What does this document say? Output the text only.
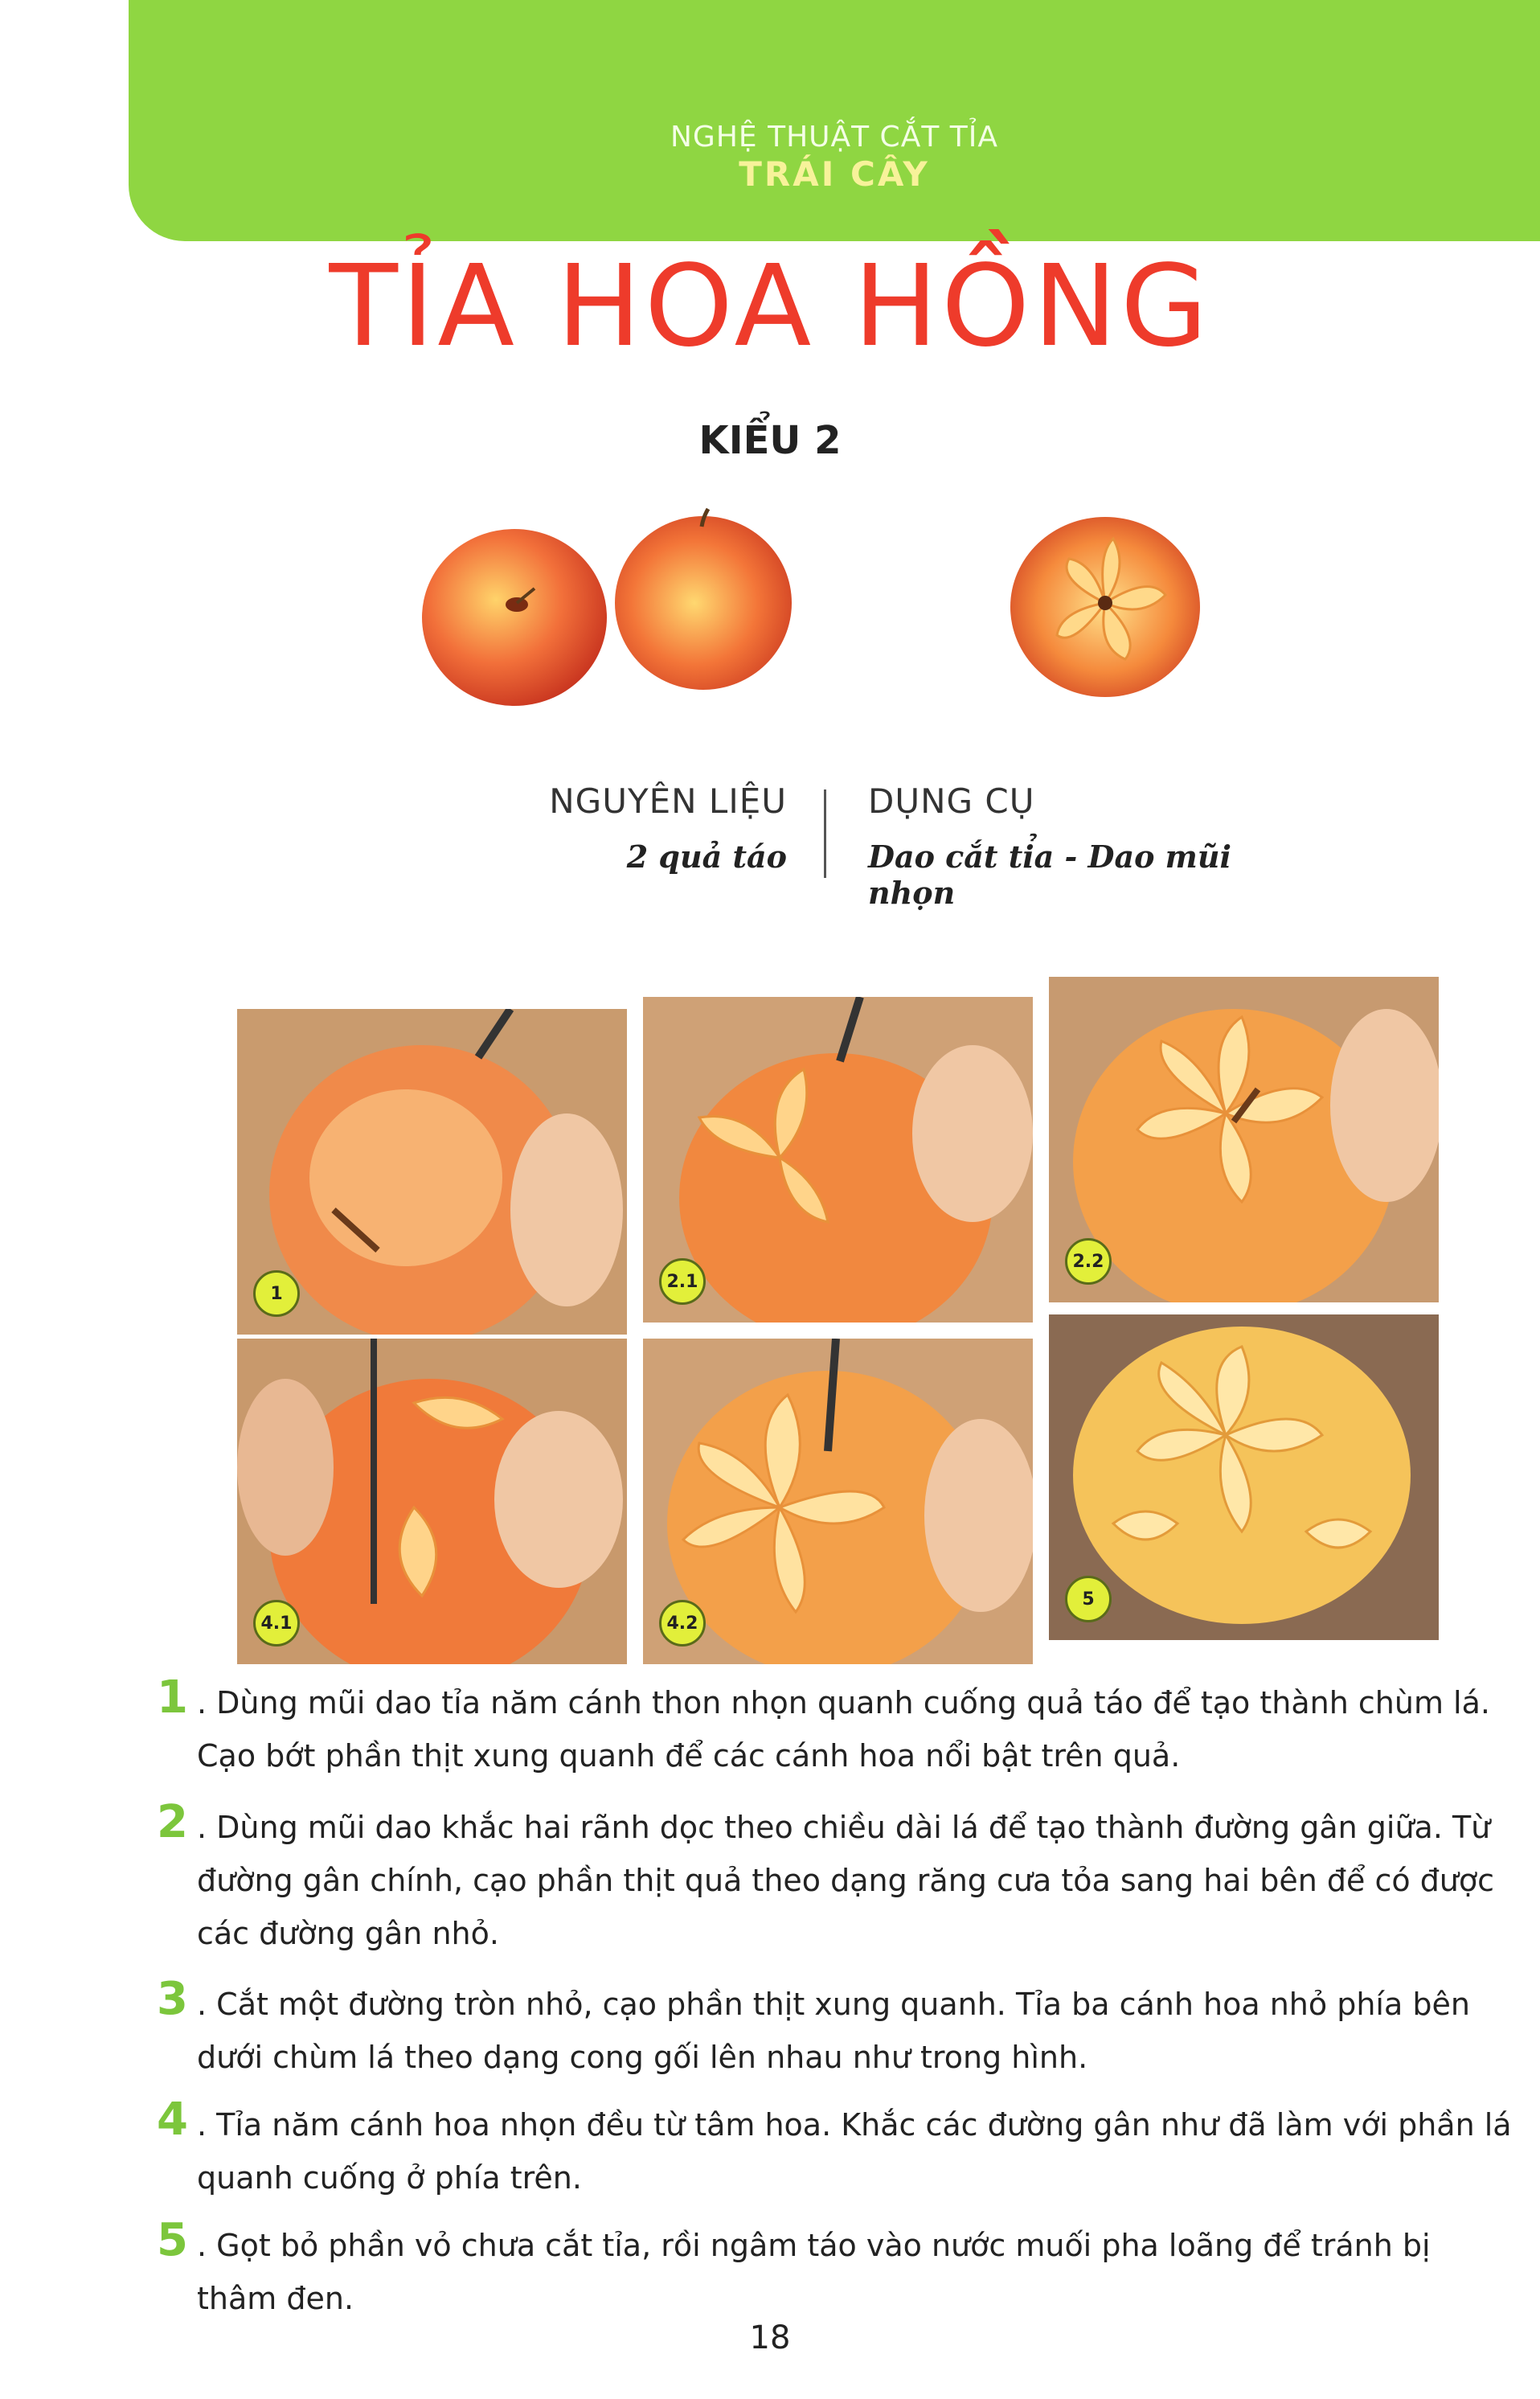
NGHỆ THUẬT CẮT TỈA
TRÁI CÂY
TỈA HOA HỒNG
KIỂU 2
NGUYÊN LIỆU
2 quả táo
DỤNG CỤ
Dao cắt tỉa - Dao mũi nhọn
1
2.1
2.2
4.1	4.2
5
1 . Dùng mũi dao tỉa năm cánh thon nhọn quanh cuống quả táo để tạo thành chùm lá. Cạo bớt phần thịt xung quanh để các cánh hoa nổi bật trên quả.
2 . Dùng mũi dao khắc hai rãnh dọc theo chiều dài lá để tạo thành đường gân giữa. Từ đường gân chính, cạo phần thịt quả theo dạng răng cưa tỏa sang hai bên để có được các đường gân nhỏ.
3 . Cắt một đường tròn nhỏ, cạo phần thịt xung quanh. Tỉa ba cánh hoa nhỏ phía bên dưới chùm lá theo dạng cong gối lên nhau như trong hình.
4 . Tỉa năm cánh hoa nhọn đều từ tâm hoa. Khắc các đường gân như đã làm với phần lá quanh cuống ở phía trên.
5 . Gọt bỏ phần vỏ chưa cắt tỉa, rồi ngâm táo vào nước muối pha loãng để tránh bị thâm đen.
18
